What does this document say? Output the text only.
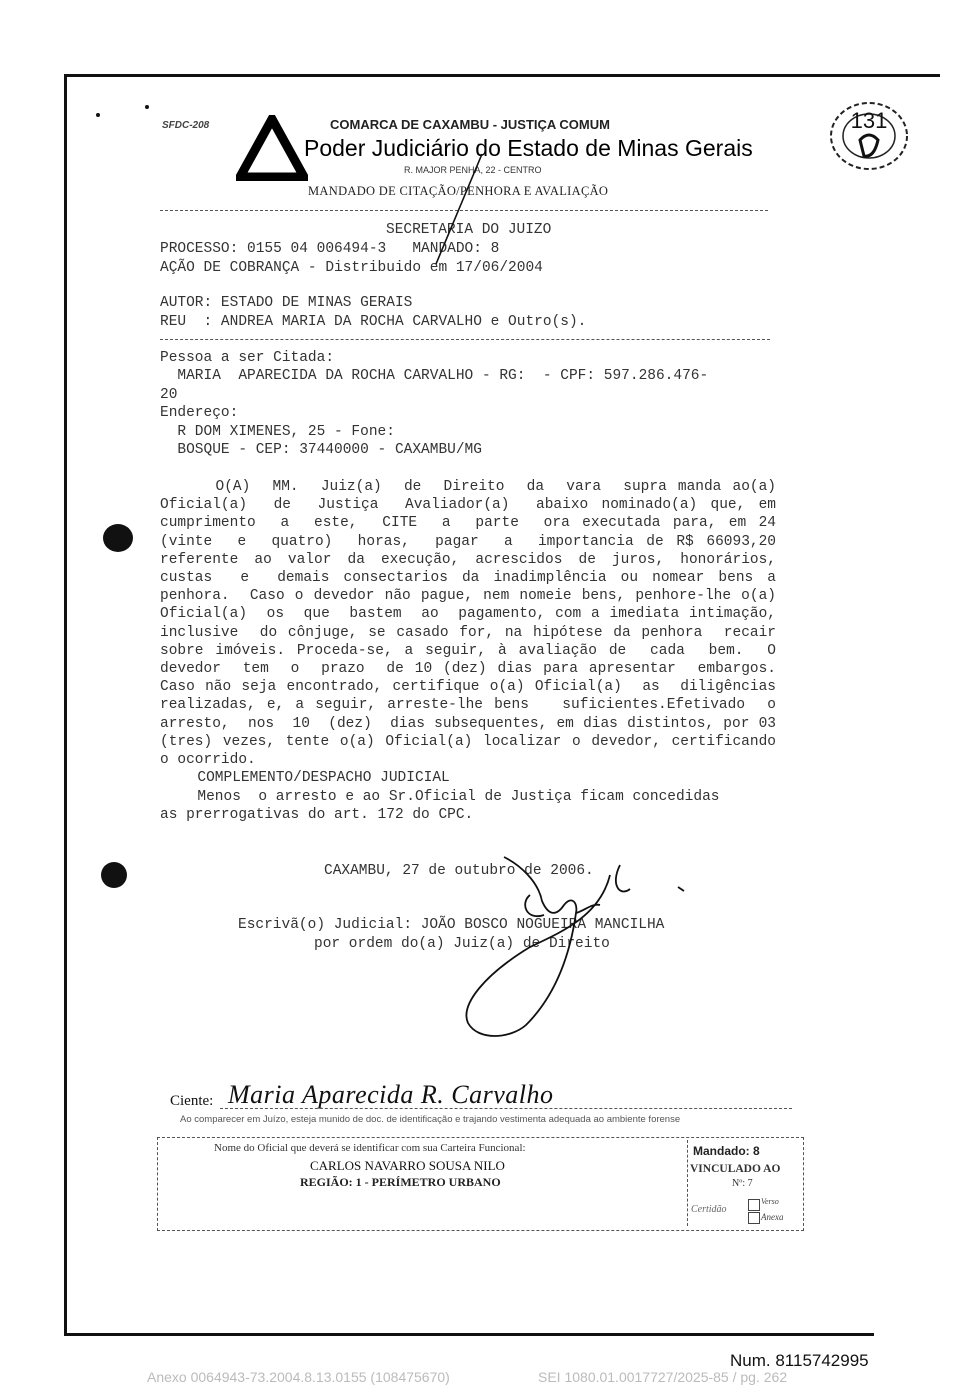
SFDC-208	COMARCA DE CAXAMBU - JUSTIÇA COMUM
Poder Judiciário do Estado de Minas Gerais
R. MAJOR PENHA, 22 - CENTRO
MANDADO DE CITAÇÃO/PENHORA E AVALIAÇÃO
131
SECRETARIA DO JUIZO
PROCESSO: 0155 04 006494-3   MANDADO: 8
AÇÃO DE COBRANÇA - Distribuido em 17/06/2004
AUTOR: ESTADO DE MINAS GERAIS
REU  : ANDREA MARIA DA ROCHA CARVALHO e Outro(s).
Pessoa a ser Citada:
MARIA  APARECIDA DA ROCHA CARVALHO - RG:  - CPF: 597.286.476-
20
Endereço:
R DOM XIMENES, 25 - Fone:
BOSQUE - CEP: 37440000 - CAXAMBU/MG
O(A)  MM.  Juiz(a)  de  Direito  da  vara  supra manda ao(a) Oficial(a)  de  Justiça  Avaliador(a)  abaixo nominado(a) que, em cumprimento  a  este,  CITE  a  parte  ora executada para, em 24 (vinte  e  quatro)  horas,  pagar  a  importancia de R$ 66093,20 referente ao valor da execução, acrescidos de juros, honorários, custas  e  demais consectarios da inadimplência ou nomear bens a penhora.  Caso o devedor não pague, nem nomeie bens, penhore-lhe o(a)  Oficial(a)  os  que  bastem  ao  pagamento, com a imediata intimação,  inclusive  do cônjuge, se casado for, na hipótese da penhora  recair sobre imóveis. Proceda-se, a seguir, à avaliação de  cada  bem.  O  devedor  tem  o  prazo  de 10 (dez) dias para apresentar  embargos.  Caso não seja encontrado, certifique o(a) Oficial(a)  as  diligências realizadas, e, a seguir, arreste-lhe bens   suficientes.Efetivado  o  arresto,  nos  10  (dez)  dias subsequentes, em dias distintos, por 03 (tres) vezes, tente o(a) Oficial(a) localizar o devedor, certificando o ocorrido.
COMPLEMENTO/DESPACHO JUDICIAL
Menos  o arresto e ao Sr.Oficial de Justiça ficam concedidas
as prerrogativas do art. 172 do CPC.
CAXAMBU, 27 de outubro de 2006.
Escrivã(o) Judicial: JOÃO BOSCO NOGUEIRA MANCILHA
por ordem do(a) Juiz(a) de Direito
Ciente: Maria Aparecida R. Carvalho
Ao comparecer em Juízo, esteja munido de doc. de identificação e trajando vestimenta adequada ao ambiente forense
Nome do Oficial que deverá se identificar com sua Carteira Funcional:
CARLOS NAVARRO SOUSA NILO
REGIÃO: 1 - PERÍMETRO URBANO
Mandado: 8
VINCULADO AO
Nº: 7
Certidão
Verso
Anexa
Num. 8115742995
Anexo 0064943-73.2004.8.13.0155 (108475670)	SEI 1080.01.0017727/2025-85 / pg. 262
